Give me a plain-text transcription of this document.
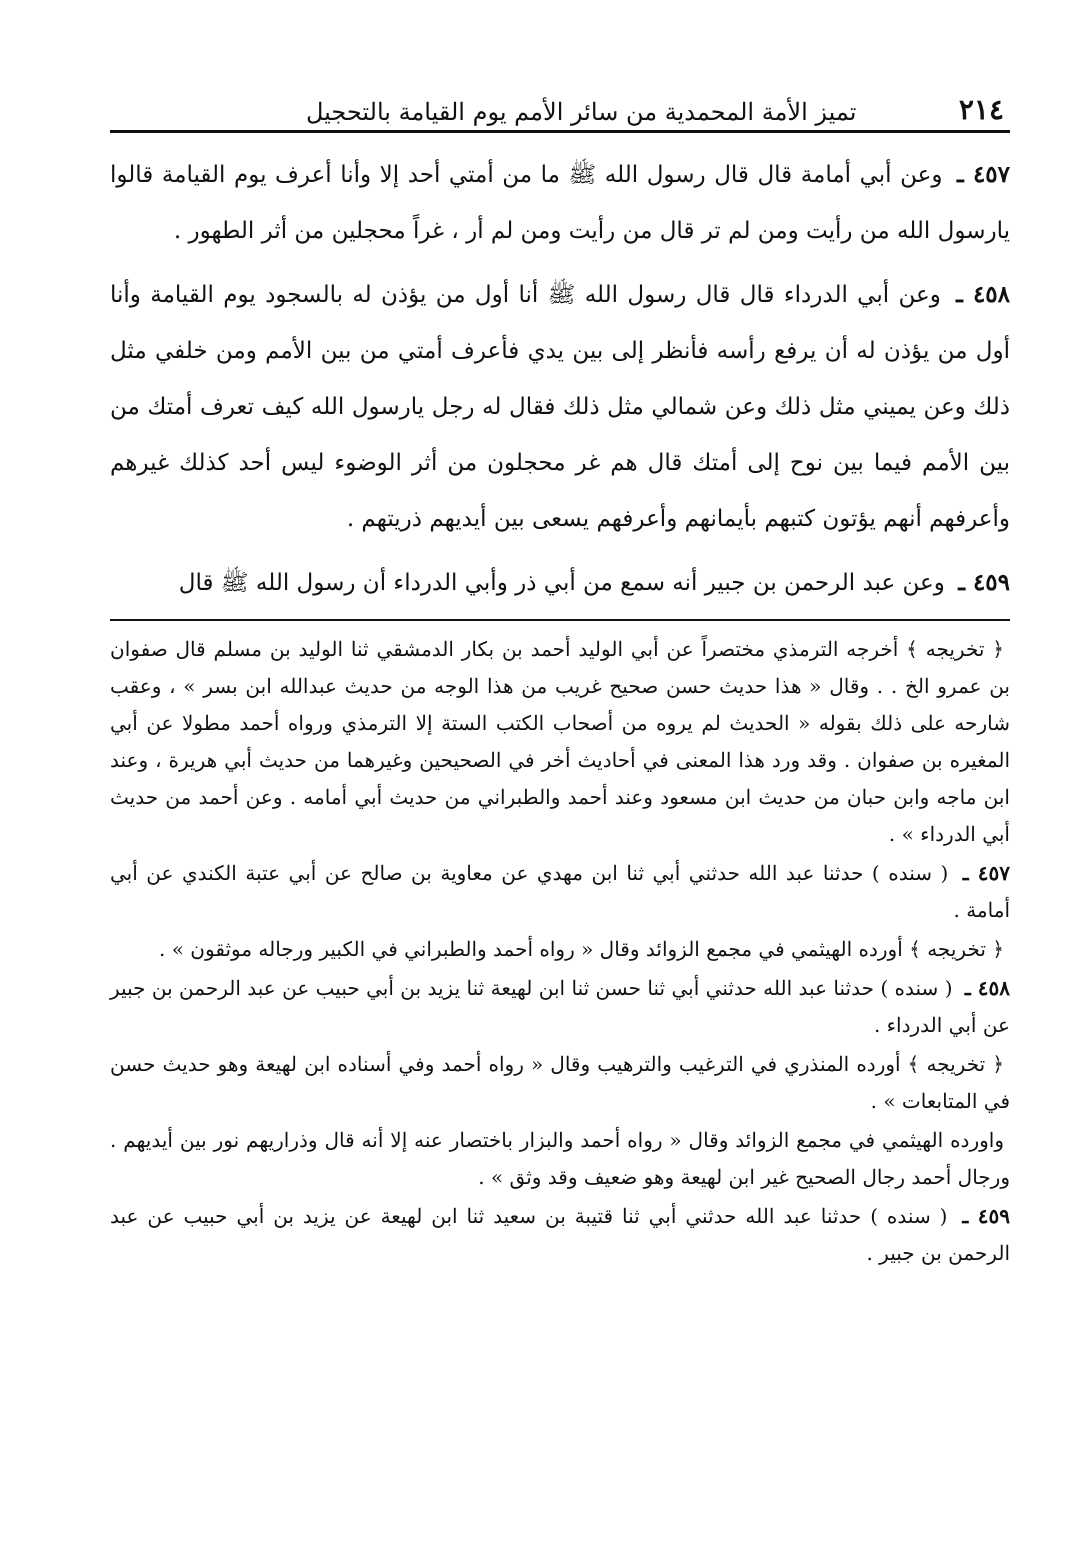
٢١٤
تميز الأمة المحمدية من سائر الأمم يوم القيامة بالتحجيل

٤٥٧ ـ وعن أبي أمامة قال قال رسول الله ﷺ ما من أمتي أحد إلا وأنا أعرف يوم القيامة قالوا يارسول الله من رأيت ومن لم تر قال من رأيت ومن لم أر ، غراً محجلين من أثر الطهور .

٤٥٨ ـ وعن أبي الدرداء قال قال رسول الله ﷺ أنا أول من يؤذن له بالسجود يوم القيامة وأنا أول من يؤذن له أن يرفع رأسه فأنظر إلى بين يدي فأعرف أمتي من بين الأمم ومن خلفي مثل ذلك وعن يميني مثل ذلك وعن شمالي مثل ذلك فقال له رجل يارسول الله كيف تعرف أمتك من بين الأمم فيما بين نوح إلى أمتك قال هم غر محجلون من أثر الوضوء ليس أحد كذلك غيرهم وأعرفهم أنهم يؤتون كتبهم بأيمانهم وأعرفهم يسعى بين أيديهم ذريتهم .

٤٥٩ ـ وعن عبد الرحمن بن جبير أنه سمع من أبي ذر وأبي الدرداء أن رسول الله ﷺ قال

﴿ تخريجه ﴾ أخرجه الترمذي مختصراً عن أبي الوليد أحمد بن بكار الدمشقي ثنا الوليد بن مسلم قال صفوان بن عمرو الخ . . وقال « هذا حديث حسن صحيح غريب من هذا الوجه من حديث عبدالله ابن بسر » ، وعقب شارحه على ذلك بقوله « الحديث لم يروه من أصحاب الكتب الستة إلا الترمذي ورواه أحمد مطولا عن أبي المغيره بن صفوان . وقد ورد هذا المعنى في أحاديث أخر في الصحيحين وغيرهما من حديث أبي هريرة ، وعند ابن ماجه وابن حبان من حديث ابن مسعود وعند أحمد والطبراني من حديث أبي أمامه . وعن أحمد من حديث أبي الدرداء » .

٤٥٧ ـ ( سنده ) حدثنا عبد الله حدثني أبي ثنا ابن مهدي عن معاوية بن صالح عن أبي عتبة الكندي عن أبي أمامة .

﴿ تخريجه ﴾ أورده الهيثمي في مجمع الزوائد وقال « رواه أحمد والطبراني في الكبير ورجاله موثقون » .

٤٥٨ ـ ( سنده ) حدثنا عبد الله حدثني أبي ثنا حسن ثنا ابن لهيعة ثنا يزيد بن أبي حبيب عن عبد الرحمن بن جبير عن أبي الدرداء .

﴿ تخريجه ﴾ أورده المنذري في الترغيب والترهيب وقال « رواه أحمد وفي أسناده ابن لهيعة وهو حديث حسن في المتابعات » .

واورده الهيثمي في مجمع الزوائد وقال « رواه أحمد والبزار باختصار عنه إلا أنه قال وذراريهم نور بين أيديهم . ورجال أحمد رجال الصحيح غير ابن لهيعة وهو ضعيف وقد وثق » .

٤٥٩ ـ ( سنده ) حدثنا عبد الله حدثني أبي ثنا قتيبة بن سعيد ثنا ابن لهيعة عن يزيد بن أبي حبيب عن عبد الرحمن بن جبير .
